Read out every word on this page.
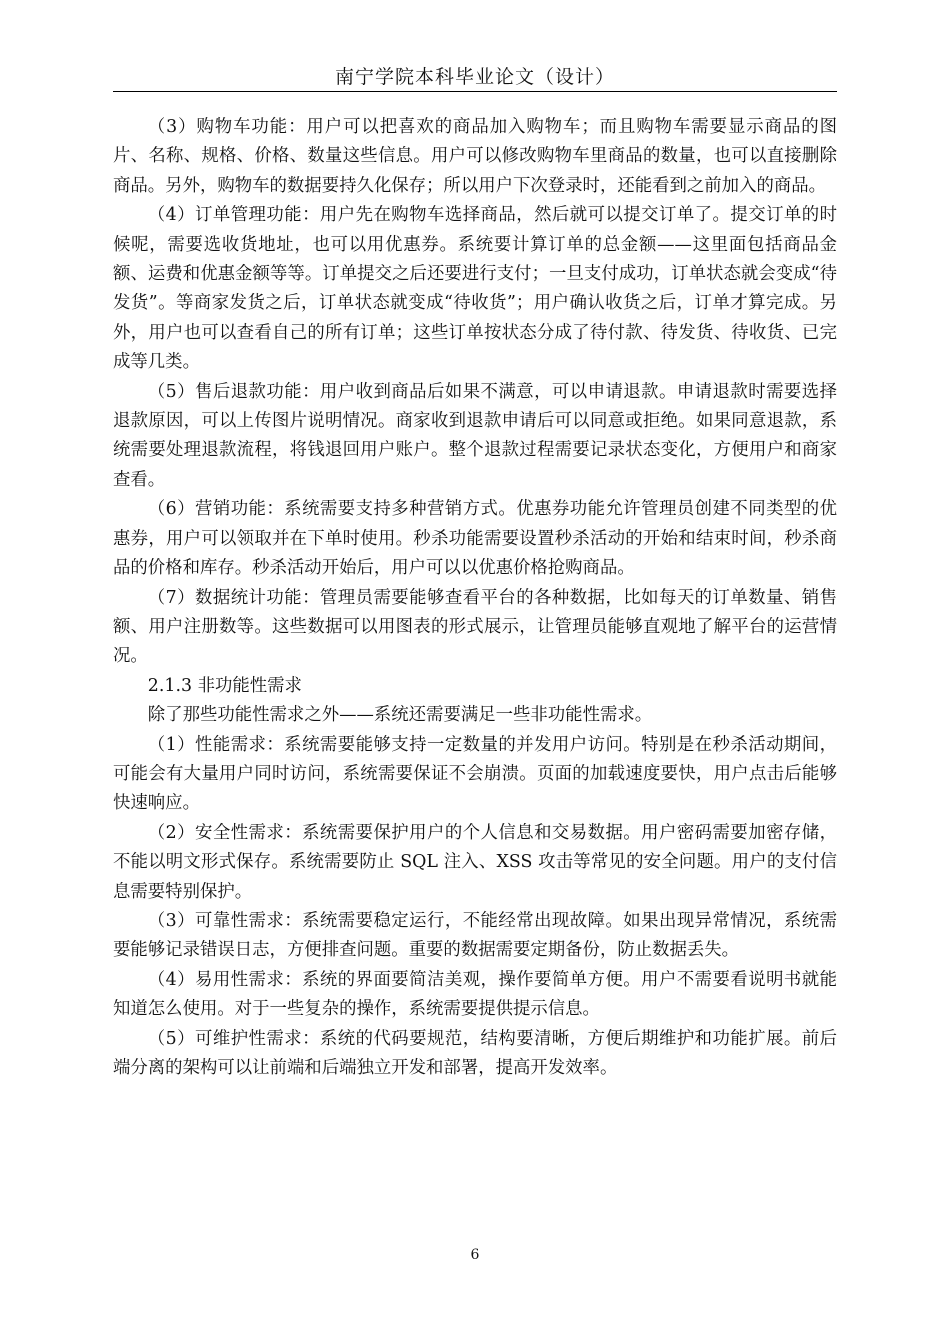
南宁学院本科毕业论文（设计）

（3）购物车功能：用户可以把喜欢的商品加入购物车；而且购物车需要显示商品的图片、名称、规格、价格、数量这些信息。用户可以修改购物车里商品的数量，也可以直接删除商品。另外，购物车的数据要持久化保存；所以用户下次登录时，还能看到之前加入的商品。

（4）订单管理功能：用户先在购物车选择商品，然后就可以提交订单了。提交订单的时候呢，需要选收货地址，也可以用优惠券。系统要计算订单的总金额——这里面包括商品金额、运费和优惠金额等等。订单提交之后还要进行支付；一旦支付成功，订单状态就会变成“待发货”。等商家发货之后，订单状态就变成“待收货”；用户确认收货之后，订单才算完成。另外，用户也可以查看自己的所有订单；这些订单按状态分成了待付款、待发货、待收货、已完成等几类。

（5）售后退款功能：用户收到商品后如果不满意，可以申请退款。申请退款时需要选择退款原因，可以上传图片说明情况。商家收到退款申请后可以同意或拒绝。如果同意退款，系统需要处理退款流程，将钱退回用户账户。整个退款过程需要记录状态变化，方便用户和商家查看。

（6）营销功能：系统需要支持多种营销方式。优惠券功能允许管理员创建不同类型的优惠券，用户可以领取并在下单时使用。秒杀功能需要设置秒杀活动的开始和结束时间，秒杀商品的价格和库存。秒杀活动开始后，用户可以以优惠价格抢购商品。

（7）数据统计功能：管理员需要能够查看平台的各种数据，比如每天的订单数量、销售额、用户注册数等。这些数据可以用图表的形式展示，让管理员能够直观地了解平台的运营情况。

2.1.3 非功能性需求

除了那些功能性需求之外——系统还需要满足一些非功能性需求。

（1）性能需求：系统需要能够支持一定数量的并发用户访问。特别是在秒杀活动期间，可能会有大量用户同时访问，系统需要保证不会崩溃。页面的加载速度要快，用户点击后能够快速响应。

（2）安全性需求：系统需要保护用户的个人信息和交易数据。用户密码需要加密存储，不能以明文形式保存。系统需要防止 SQL 注入、XSS 攻击等常见的安全问题。用户的支付信息需要特别保护。

（3）可靠性需求：系统需要稳定运行，不能经常出现故障。如果出现异常情况，系统需要能够记录错误日志，方便排查问题。重要的数据需要定期备份，防止数据丢失。

（4）易用性需求：系统的界面要简洁美观，操作要简单方便。用户不需要看说明书就能知道怎么使用。对于一些复杂的操作，系统需要提供提示信息。

（5）可维护性需求：系统的代码要规范，结构要清晰，方便后期维护和功能扩展。前后端分离的架构可以让前端和后端独立开发和部署，提高开发效率。

6
